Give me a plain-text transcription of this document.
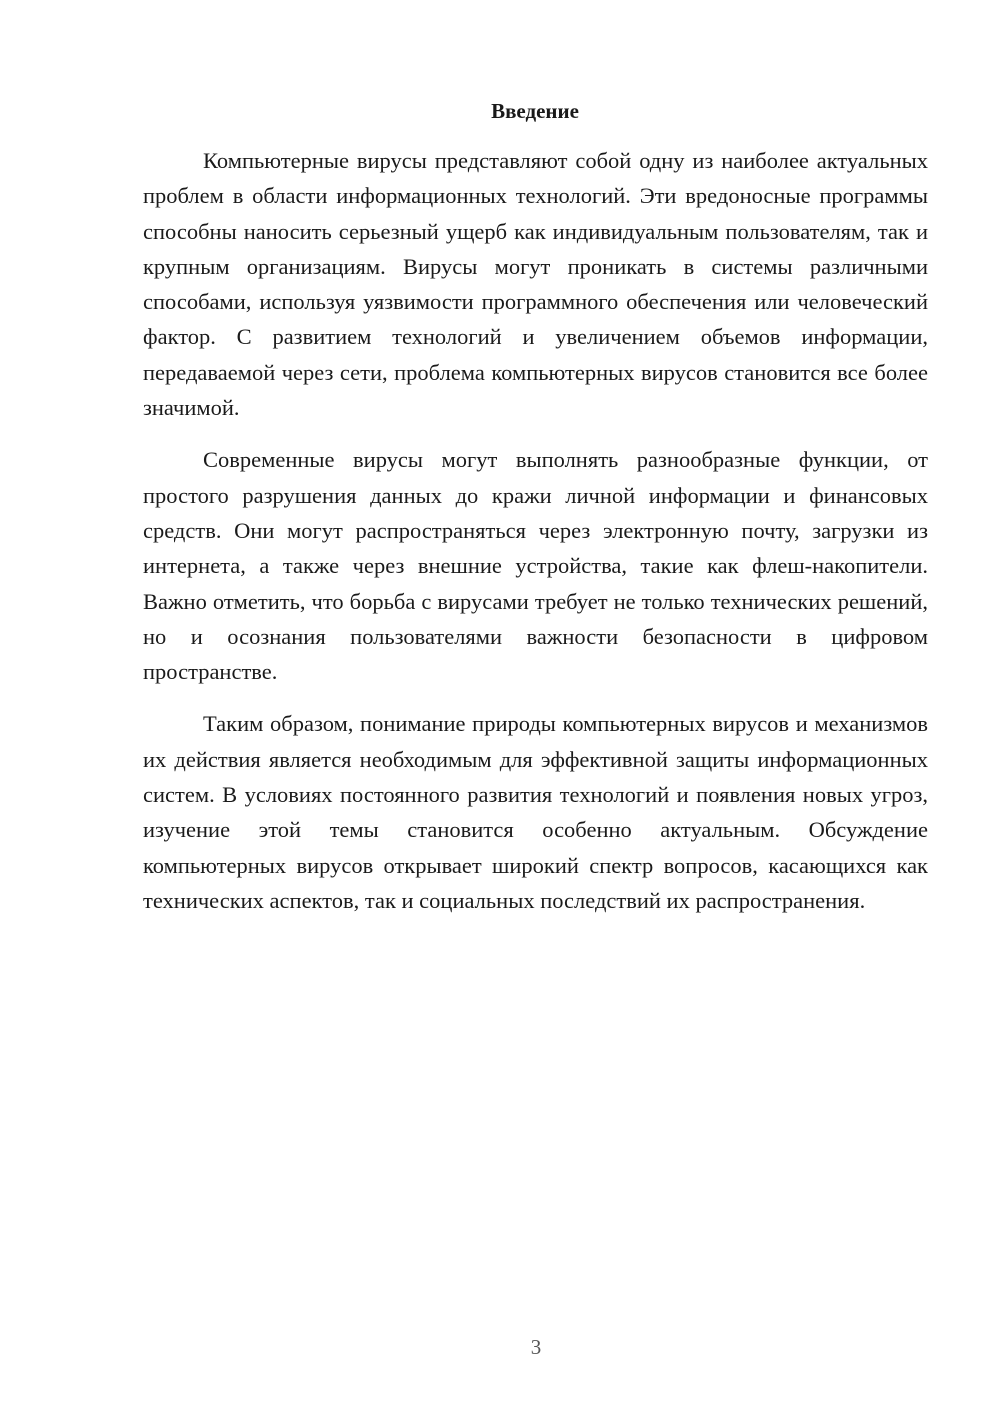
Введение

Компьютерные вирусы представляют собой одну из наиболее актуальных проблем в области информационных технологий. Эти вредоносные программы способны наносить серьезный ущерб как индивидуальным пользователям, так и крупным организациям. Вирусы могут проникать в системы различными способами, используя уязвимости программного обеспечения или человеческий фактор. С развитием технологий и увеличением объемов информации, передаваемой через сети, проблема компьютерных вирусов становится все более значимой.

Современные вирусы могут выполнять разнообразные функции, от простого разрушения данных до кражи личной информации и финансовых средств. Они могут распространяться через электронную почту, загрузки из интернета, а также через внешние устройства, такие как флеш-накопители. Важно отметить, что борьба с вирусами требует не только технических решений, но и осознания пользователями важности безопасности в цифровом пространстве.

Таким образом, понимание природы компьютерных вирусов и механизмов их действия является необходимым для эффективной защиты информационных систем. В условиях постоянного развития технологий и появления новых угроз, изучение этой темы становится особенно актуальным. Обсуждение компьютерных вирусов открывает широкий спектр вопросов, касающихся как технических аспектов, так и социальных последствий их распространения.

3
